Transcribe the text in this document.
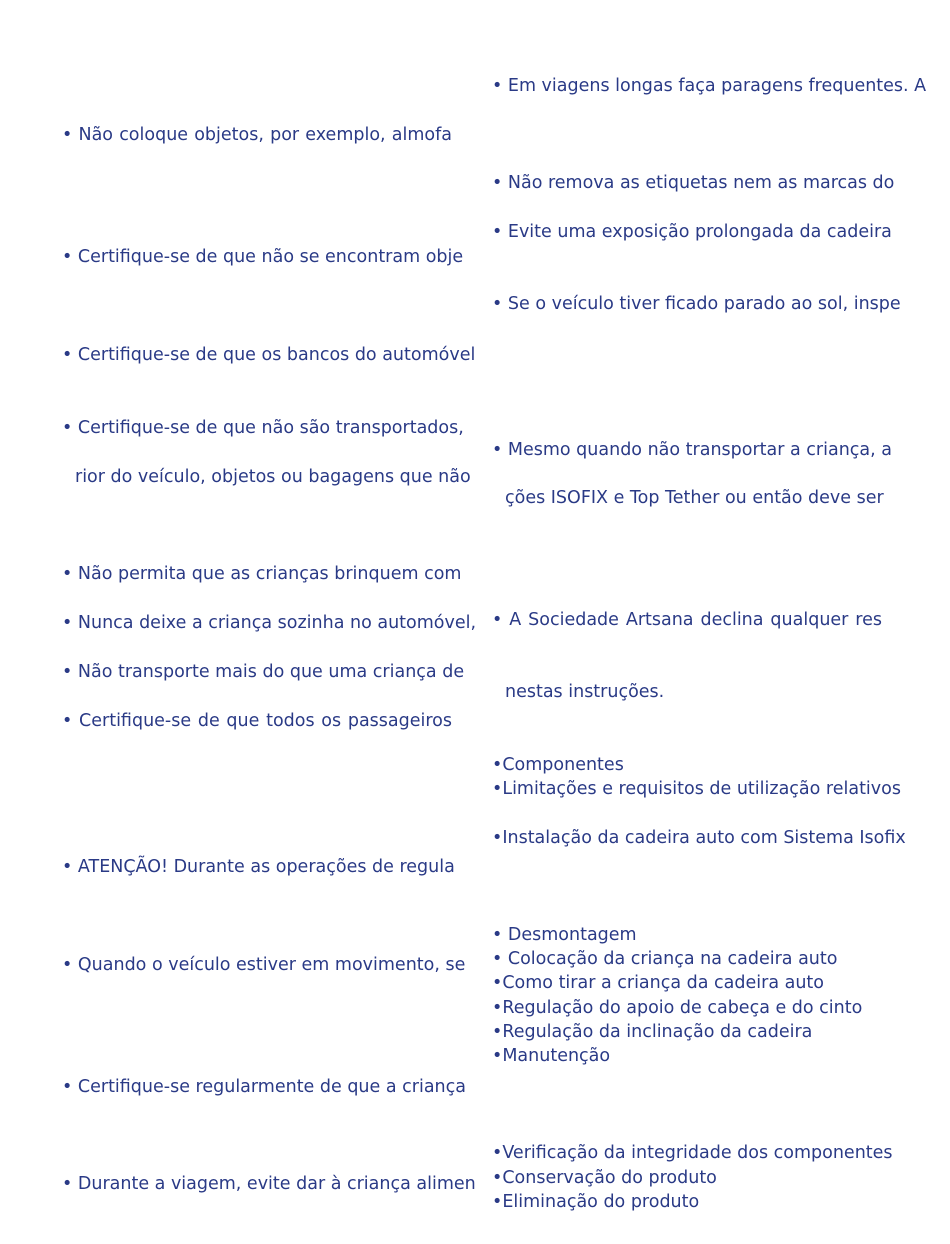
• Não coloque objetos, por exemplo, almofa
• Certifique-se de que não se encontram obje
• Certifique-se de que os bancos do automóvel
• Certifique-se de que não são transportados,
rior do veículo, objetos ou bagagens que não
• Não permita que as crianças brinquem com
• Nunca deixe a criança sozinha no automóvel,
• Não transporte mais do que uma criança de
• Certifique-se de que todos os passageiros
• ATENÇÃO! Durante as operações de regula
• Quando o veículo estiver em movimento, se
• Certifique-se regularmente de que a criança
• Durante a viagem, evite dar à criança alimen
• Em viagens longas faça paragens frequentes. A
• Não remova as etiquetas nem as marcas do
• Evite uma exposição prolongada da cadeira
• Se o veículo tiver ficado parado ao sol, inspe
• Mesmo quando não transportar a criança, a
ções ISOFIX e Top Tether ou então deve ser
• A Sociedade Artsana declina qualquer res
nestas instruções.
•Componentes
•Limitações e requisitos de utilização relativos
•Instalação da cadeira auto com Sistema Isofix
• Desmontagem
• Colocação da criança na cadeira auto
•Como tirar a criança da cadeira auto
•Regulação do apoio de cabeça e do cinto
•Regulação da inclinação da cadeira
•Manutenção
•Verificação da integridade dos componentes
•Conservação do produto
•Eliminação do produto
